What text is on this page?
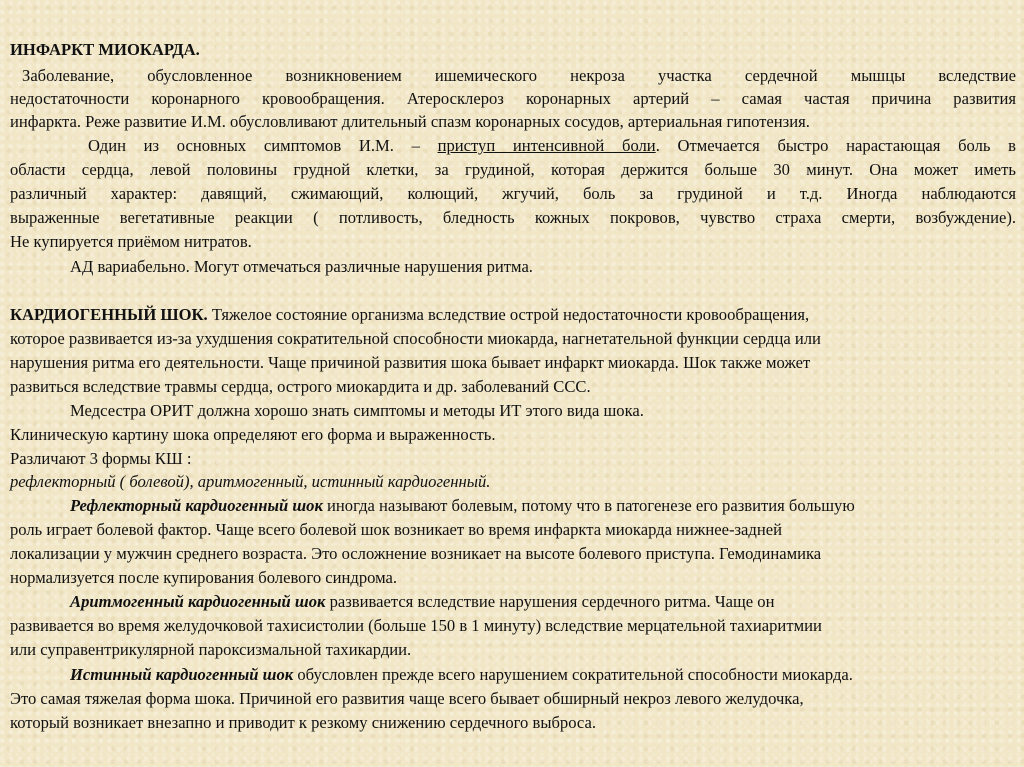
ИНФАРКТ МИОКАРДА.
Заболевание, обусловленное возникновением ишемического некроза участка сердечной мышцы вследствие
недостаточности коронарного кровообращения. Атеросклероз коронарных артерий – самая частая причина развития
инфаркта. Реже развитие И.М. обусловливают длительный спазм коронарных сосудов, артериальная гипотензия.
Один из основных симптомов И.М. – приступ интенсивной боли. Отмечается быстро нарастающая боль в
области сердца, левой половины грудной клетки, за грудиной, которая держится больше 30 минут. Она может иметь
различный характер: давящий, сжимающий, колющий, жгучий, боль за грудиной и т.д. Иногда наблюдаются
выраженные вегетативные реакции ( потливость, бледность кожных покровов, чувство страха смерти, возбуждение).
Не купируется приёмом нитратов.
АД вариабельно. Могут отмечаться различные нарушения ритма.
КАРДИОГЕННЫЙ ШОК. Тяжелое состояние организма вследствие острой недостаточности кровообращения,
которое развивается из-за ухудшения сократительной способности миокарда, нагнетательной функции сердца или
нарушения ритма его деятельности. Чаще причиной развития шока бывает инфаркт миокарда. Шок также может
развиться вследствие травмы сердца, острого миокардита и др. заболеваний ССС.
Медсестра ОРИТ должна хорошо знать симптомы и методы ИТ этого вида шока.
Клиническую картину шока определяют его форма и выраженность.
Различают 3 формы КШ :
рефлекторный ( болевой), аритмогенный, истинный кардиогенный.
Рефлекторный кардиогенный шок иногда называют болевым, потому что в патогенезе его развития большую
роль играет болевой фактор. Чаще всего болевой шок возникает во время инфаркта миокарда нижнее-задней
локализации у мужчин среднего возраста. Это осложнение возникает на высоте болевого приступа. Гемодинамика
нормализуется после купирования болевого синдрома.
Аритмогенный кардиогенный шок развивается вследствие нарушения сердечного ритма. Чаще он
развивается во время желудочковой тахисистолии (больше 150 в 1 минуту) вследствие мерцательной тахиаритмии
или суправентрикулярной пароксизмальной тахикардии.
Истинный кардиогенный шок обусловлен прежде всего нарушением сократительной способности миокарда.
Это самая тяжелая форма шока. Причиной его развития чаще всего бывает обширный некроз левого желудочка,
который возникает внезапно и приводит к резкому снижению сердечного выброса.
